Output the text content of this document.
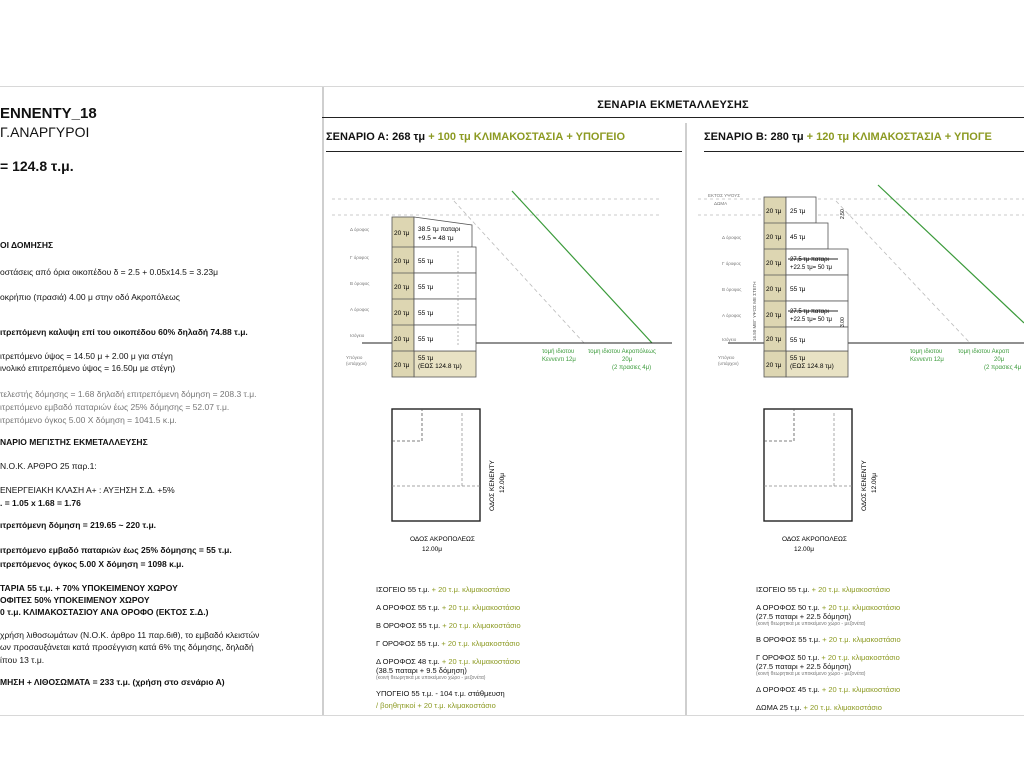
ENNENTY_18
Γ.ΑΝΑΡΓΥΡΟΙ
= 124.8 τ.μ.
ΟΙ ΔΟΜΗΣΗΣ
οστάσεις από όρια οικοπέδου δ = 2.5 + 0.05x14.5 = 3.23μ
οκρήπιο (πρασιά) 4.00 μ στην οδό Ακροπόλεως
ιτρεπόμενη καλυψη επί του οικοπέδου 60% δηλαδή 74.88 τ.μ.
ιτρεπόμενο ύψος = 14.50 μ + 2.00 μ για στέγη
ινολικό επιτρεπόμενο ύψος = 16.50μ με στέγη)
τελεστής δόμησης = 1.68 δηλαδή επιτρεπόμενη δόμηση = 208.3 τ.μ.
ιτρεπόμενο εμβαδό παταριών έως 25% δόμησης = 52.07 τ.μ.
ιτρεπόμενο όγκος 5.00 Χ δόμηση = 1041.5 κ.μ.
ΝΑΡΙΟ ΜΕΓΙΣΤΗΣ ΕΚΜΕΤΑΛΛΕΥΣΗΣ
Ν.Ο.Κ. ΑΡΘΡΟ 25 παρ.1:
ΕΝΕΡΓΕΙΑΚΗ ΚΛΑΣΗ Α+ : ΑΥΞΗΣΗ Σ.Δ. +5%
. = 1.05 x 1.68 = 1.76
ιτρεπόμενη δόμηση = 219.65 ~ 220 τ.μ.
ιτρεπόμενο εμβαδό παταριών έως 25% δόμησης = 55 τ.μ.
ιτρεπόμενος όγκος 5.00 Χ δόμηση = 1098 κ.μ.
ΤΑΡΙΑ 55 τ.μ. + 70% ΥΠΟΚΕΙΜΕΝΟΥ ΧΩΡΟΥ
ΟΦΙΤΕΣ 50% ΥΠΟΚΕΙΜΕΝΟΥ ΧΩΡΟΥ
0 τ.μ. ΚΛΙΜΑΚΟΣΤΑΣΙΟΥ ΑΝΑ ΟΡΟΦΟ (ΕΚΤΟΣ Σ.Δ.)
χρήση λιθοσωμάτων (Ν.Ο.Κ. άρθρο 11 παρ.6ιθ), το εμβαδό κλειστών
ων προσαυξάνεται κατά προσέγγιση κατά 6% της δόμησης, δηλαδή
ίπου 13 τ.μ.
ΜΗΣΗ + ΛΙΘΟΣΩΜΑΤΑ = 233 τ.μ. (χρήση στο σενάριο Α)
ΣΕΝΑΡΙΑ ΕΚΜΕΤΑΛΛΕΥΣΗΣ
ΣΕΝΑΡΙΟ Α: 268 τμ + 100 τμ ΚΛΙΜΑΚΟΣΤΑΣΙΑ + ΥΠΟΓΕΙΟ	ΣΕΝΑΡΙΟ Β: 280 τμ + 120 τμ ΚΛΙΜΑΚΟΣΤΑΣΙΑ + ΥΠΟΓΕ
20 τμ
20 τμ
20 τμ
20 τμ
20 τμ
20 τμ
38.5 τμ παταρι
+9.5 = 48 τμ
55 τμ
55 τμ
55 τμ
55 τμ
55 τμ
(ΕΩΣ 124.8 τμ)
Δ όροφος
Γ όροφος
Β όροφος
Α όροφος
Ισόγειο
Υπόγειο
(υπάρχον)
τομή ιδιοτου
Κεννεντι 12μ
τομη ιδιοτου Ακροπόλεως
20μ
(2 πρασιες 4μ)
ΟΔΟΣ ΑΚΡΟΠΟΛΕΩΣ
12.00μ
ΟΔΟΣ ΚΕΝΕΝΤΥ 12.00μ
ΙΣΟΓΕΙΟ 55 τ.μ. + 20 τ.μ. κλιμακοστάσιο
Α ΟΡΟΦΟΣ 55 τ.μ. + 20 τ.μ. κλιμακοστάσιο
Β ΟΡΟΦΟΣ 55 τ.μ. + 20 τ.μ. κλιμακοστάσιο
Γ ΟΡΟΦΟΣ 55 τ.μ. + 20 τ.μ. κλιμακοστάσιο
Δ ΟΡΟΦΟΣ 48 τ.μ. + 20 τ.μ. κλιμακοστάσιο
(38.5 παταρι + 9.5 δόμηση)
(κοινή θεωρητικά με υποκείμενο χώρο - μεζονέτα)
ΥΠΟΓΕΙΟ 55 τ.μ. - 104 τ.μ. στάθμευση
/ βοηθητικοί + 20 τ.μ. κλιμακοστάσιο
20 τμ
20 τμ
20 τμ
20 τμ
20 τμ
20 τμ
20 τμ
25 τμ
45 τμ
27.5 τμ παταρι
+22.5 τμ= 50 τμ
55 τμ
27.5 τμ παταρι
+22.5 τμ= 50 τμ
55 τμ
55 τμ
(ΕΩΣ 124.8 τμ)
ΕΚΤΟΣ ΥΨΟΥΣ
ΔΩΜΑ
Δ όροφος
Γ όροφος
Β όροφος
Α όροφος
Ισόγειο
Υπόγειο
(υπάρχον)
16.50 ΜΕΓ ΥΨΟΣ ΜΕ ΣΤΕΓΗ
2.50
3.00
τομη ιδιοτου
Κεννεντι 12μ
τομη ιδιοτου Ακροπ
20μ
(2 πρασιες 4μ
ΟΔΟΣ ΑΚΡΟΠΟΛΕΩΣ
12.00μ
ΟΔΟΣ ΚΕΝΕΝΤΥ 12.00μ
ΙΣΟΓΕΙΟ 55 τ.μ. + 20 τ.μ. κλιμακοστάσιο
Α ΟΡΟΦΟΣ 50 τ.μ. + 20 τ.μ. κλιμακοστάσιο
(27.5 παταρι + 22.5 δόμηση)
(κοινή θεωρητικά με υποκείμενο χώρο - μεζονέτα)
Β ΟΡΟΦΟΣ 55 τ.μ. + 20 τ.μ. κλιμακοστάσιο
Γ ΟΡΟΦΟΣ 50 τ.μ. + 20 τ.μ. κλιμακοστάσιο
(27.5 παταρι + 22.5 δόμηση)
(κοινή θεωρητικά με υποκείμενο χώρο - μεζονέτα)
Δ ΟΡΟΦΟΣ 45 τ.μ. + 20 τ.μ. κλιμακοστάσιο
ΔΩΜΑ 25 τ.μ. + 20 τ.μ. κλιμακοστάσιο
